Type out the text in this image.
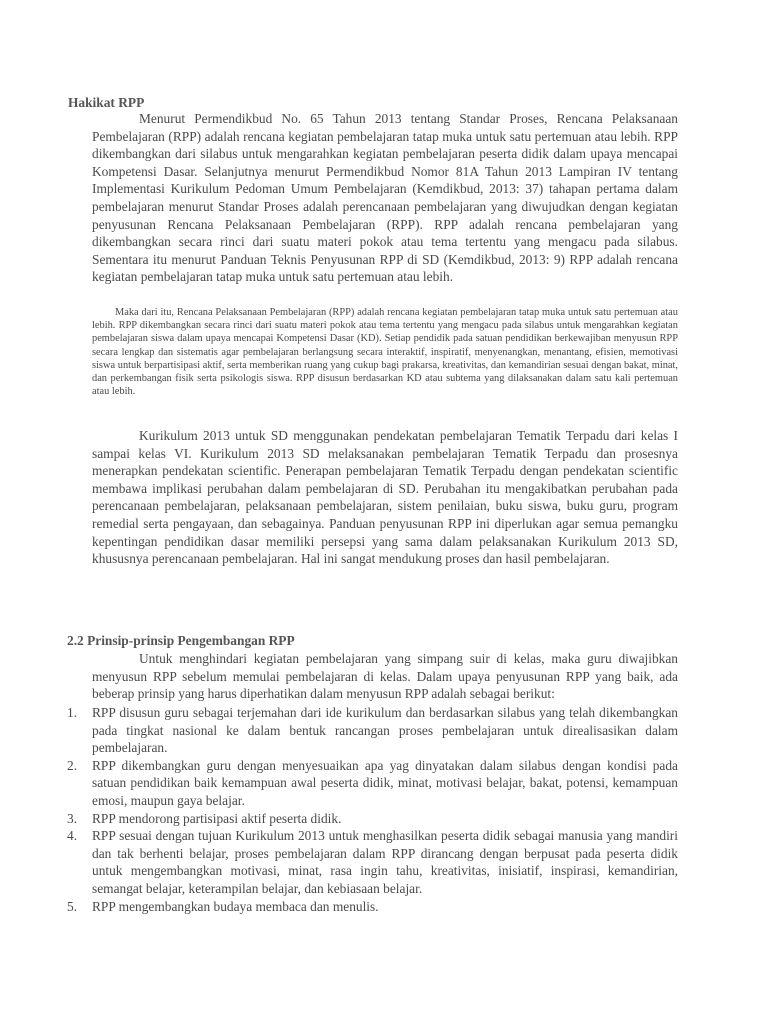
Hakikat RPP

Menurut Permendikbud No. 65 Tahun 2013 tentang Standar Proses, Rencana Pelaksanaan Pembelajaran (RPP) adalah rencana kegiatan pembelajaran tatap muka untuk satu pertemuan atau lebih. RPP dikembangkan dari silabus untuk mengarahkan kegiatan pembelajaran peserta didik dalam upaya mencapai Kompetensi Dasar. Selanjutnya menurut Permendikbud Nomor 81A Tahun 2013 Lampiran IV tentang Implementasi Kurikulum Pedoman Umum Pembelajaran (Kemdikbud, 2013: 37) tahapan pertama dalam pembelajaran menurut Standar Proses adalah perencanaan pembelajaran yang diwujudkan dengan kegiatan penyusunan Rencana Pelaksanaan Pembelajaran (RPP). RPP adalah rencana pembelajaran yang dikembangkan secara rinci dari suatu materi pokok atau tema tertentu yang mengacu pada silabus. Sementara itu menurut Panduan Teknis Penyusunan RPP di SD (Kemdikbud, 2013: 9) RPP adalah rencana kegiatan pembelajaran tatap muka untuk satu pertemuan atau lebih.

Maka dari itu, Rencana Pelaksanaan Pembelajaran (RPP) adalah rencana kegiatan pembelajaran tatap muka untuk satu pertemuan atau lebih. RPP dikembangkan secara rinci dari suatu materi pokok atau tema tertentu yang mengacu pada silabus untuk mengarahkan kegiatan pembelajaran siswa dalam upaya mencapai Kompetensi Dasar (KD). Setiap pendidik pada satuan pendidikan berkewajiban menyusun RPP secara lengkap dan sistematis agar pembelajaran berlangsung secara interaktif, inspiratif, menyenangkan, menantang, efisien, memotivasi siswa untuk berpartisipasi aktif, serta memberikan ruang yang cukup bagi prakarsa, kreativitas, dan kemandirian sesuai dengan bakat, minat, dan perkembangan fisik serta psikologis siswa. RPP disusun berdasarkan KD atau subtema yang dilaksanakan dalam satu kali pertemuan atau lebih.

Kurikulum 2013 untuk SD menggunakan pendekatan pembelajaran Tematik Terpadu dari kelas I sampai kelas VI. Kurikulum 2013 SD melaksanakan pembelajaran Tematik Terpadu dan prosesnya menerapkan pendekatan scientific. Penerapan pembelajaran Tematik Terpadu dengan pendekatan scientific membawa implikasi perubahan dalam pembelajaran di SD. Perubahan itu mengakibatkan perubahan pada perencanaan pembelajaran, pelaksanaan pembelajaran, sistem penilaian, buku siswa, buku guru, program remedial serta pengayaan, dan sebagainya. Panduan penyusunan RPP ini diperlukan agar semua pemangku kepentingan pendidikan dasar memiliki persepsi yang sama dalam pelaksanakan Kurikulum 2013 SD, khususnya perencanaan pembelajaran. Hal ini sangat mendukung proses dan hasil pembelajaran.

2.2 Prinsip-prinsip Pengembangan RPP

Untuk menghindari kegiatan pembelajaran yang simpang suir di kelas, maka guru diwajibkan menyusun RPP sebelum memulai pembelajaran di kelas. Dalam upaya penyusunan RPP yang baik, ada beberap prinsip yang harus diperhatikan dalam menyusun RPP adalah sebagai berikut:

1.	RPP disusun guru sebagai terjemahan dari ide kurikulum dan berdasarkan silabus yang telah dikembangkan pada tingkat nasional ke dalam bentuk rancangan proses pembelajaran untuk direalisasikan dalam pembelajaran.
2.	RPP dikembangkan guru dengan menyesuaikan apa yag dinyatakan dalam silabus dengan kondisi pada satuan pendidikan baik kemampuan awal peserta didik, minat, motivasi belajar, bakat, potensi, kemampuan emosi, maupun gaya belajar.
3.	RPP mendorong partisipasi aktif peserta didik.
4.	RPP sesuai dengan tujuan Kurikulum 2013 untuk menghasilkan peserta didik sebagai manusia yang mandiri dan tak berhenti belajar, proses pembelajaran dalam RPP dirancang dengan berpusat pada peserta didik untuk mengembangkan motivasi, minat, rasa ingin tahu, kreativitas, inisiatif, inspirasi, kemandirian, semangat belajar, keterampilan belajar, dan kebiasaan belajar.
5.	RPP mengembangkan budaya membaca dan menulis.
